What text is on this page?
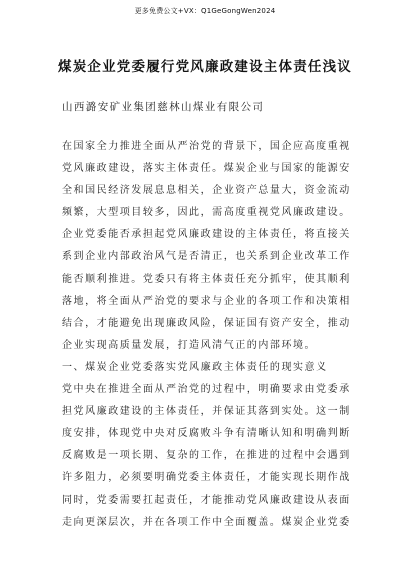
更多免费公文+VX：Q1GeGongWen2024
煤炭企业党委履行党风廉政建设主体责任浅议
山西潞安矿业集团慈林山煤业有限公司
在国家全力推进全面从严治党的背景下，国企应高度重视
党风廉政建设，落实主体责任。煤炭企业与国家的能源安
全和国民经济发展息息相关，企业资产总量大，资金流动
频繁，大型项目较多，因此，需高度重视党风廉政建设。
企业党委能否承担起党风廉政建设的主体责任，将直接关
系到企业内部政治风气是否清正，也关系到企业改革工作
能否顺利推进。党委只有将主体责任充分抓牢，使其顺利
落地，将全面从严治党的要求与企业的各项工作和决策相
结合，才能避免出现廉政风险，保证国有资产安全，推动
企业实现高质量发展，打造风清气正的内部环境。
一、煤炭企业党委落实党风廉政主体责任的现实意义
党中央在推进全面从严治党的过程中，明确要求由党委承
担党风廉政建设的主体责任，并保证其落到实处。这一制
度安排，体现党中央对反腐败斗争有清晰认知和明确判断
反腐败是一项长期、复杂的工作，在推进的过程中会遇到
许多阻力，必须要明确党委主体责任，才能实现长期作战
同时，党委需要扛起责任，才能推动党风廉政建设从表面
走向更深层次，并在各项工作中全面覆盖。煤炭企业党委
